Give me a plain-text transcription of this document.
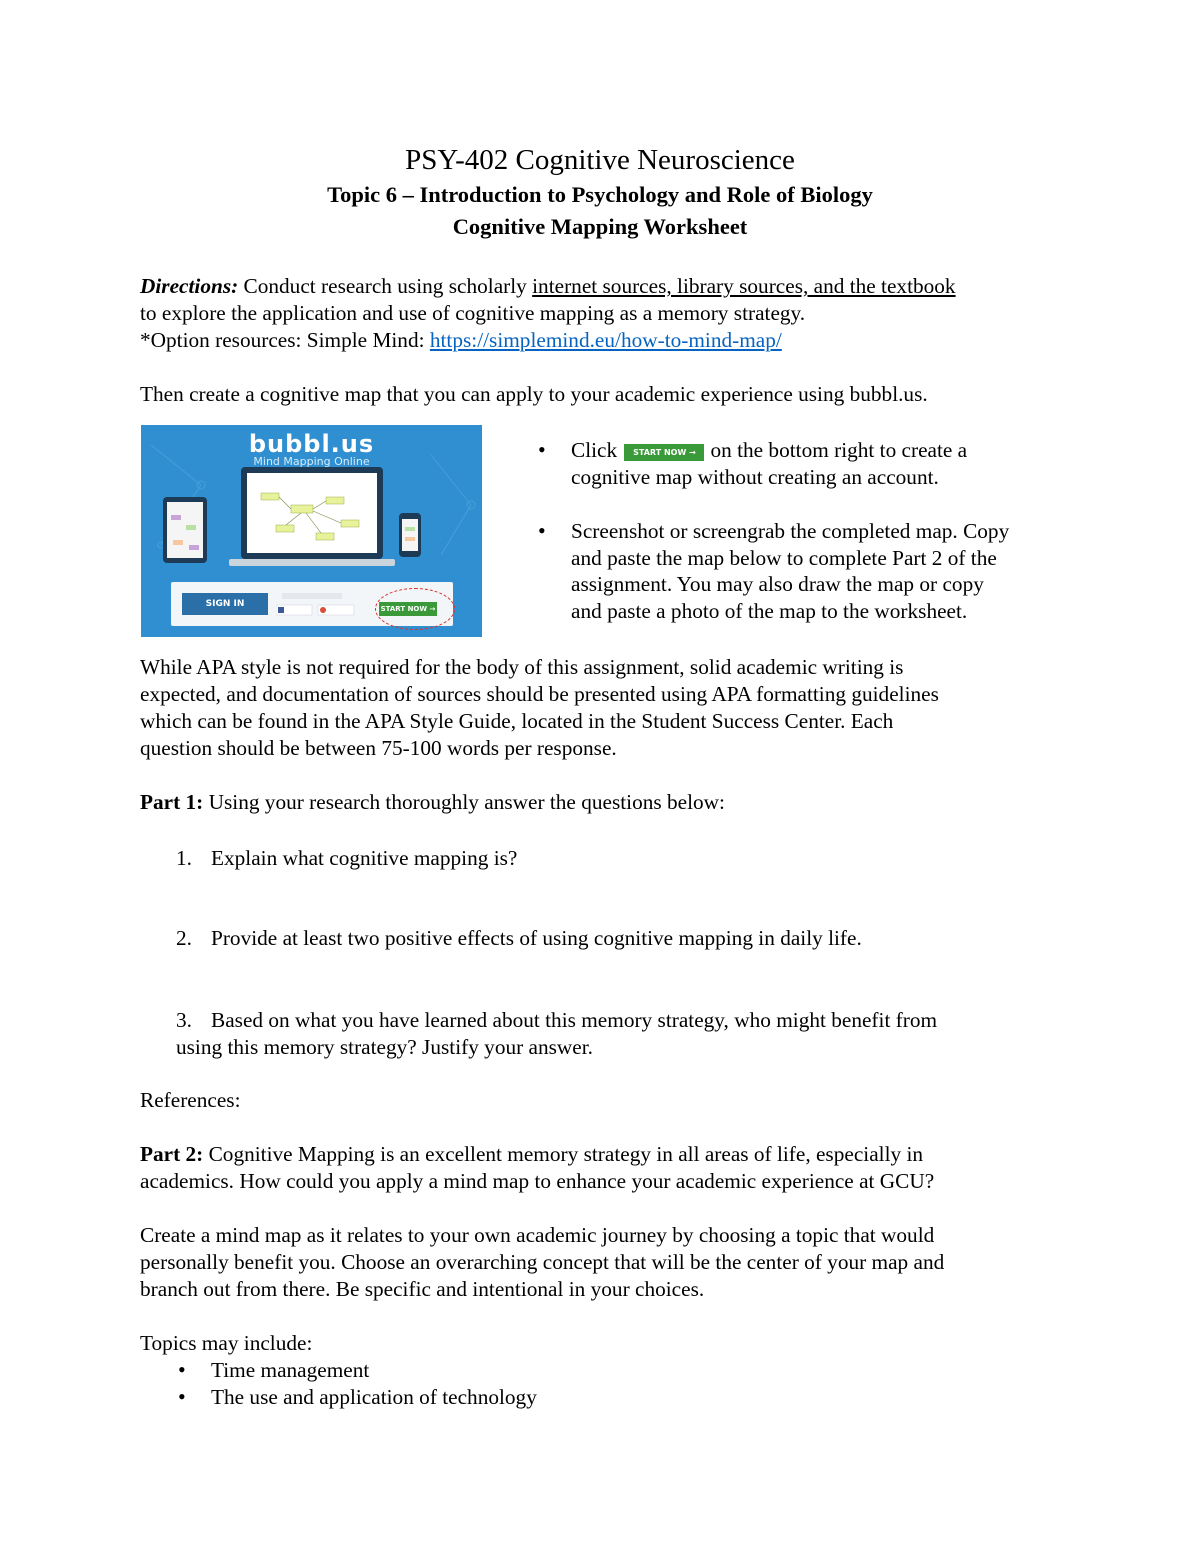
PSY-402 Cognitive Neuroscience
Topic 6 – Introduction to Psychology and Role of Biology
Cognitive Mapping Worksheet

Directions: Conduct research using scholarly internet sources, library sources, and the textbook

to explore the application and use of cognitive mapping as a memory strategy.

*Option resources: Simple Mind: https://simplemind.eu/how-to-mind-map/

Then create a cognitive map that you can apply to your academic experience using bubbl.us.

• Click START NOW → on the bottom right to create a
cognitive map without creating an account.
• Screenshot or screengrab the completed map. Copy
and paste the map below to complete Part 2 of the
assignment. You may also draw the map or copy
and paste a photo of the map to the worksheet.

While APA style is not required for the body of this assignment, solid academic writing is

expected, and documentation of sources should be presented using APA formatting guidelines

which can be found in the APA Style Guide, located in the Student Success Center. Each

question should be between 75-100 words per response.

Part 1: Using your research thoroughly answer the questions below:

1. Explain what cognitive mapping is?
2. Provide at least two positive effects of using cognitive mapping in daily life.
3. Based on what you have learned about this memory strategy, who might benefit from
using this memory strategy? Justify your answer.

References:

Part 2: Cognitive Mapping is an excellent memory strategy in all areas of life, especially in

academics. How could you apply a mind map to enhance your academic experience at GCU?

Create a mind map as it relates to your own academic journey by choosing a topic that would

personally benefit you. Choose an overarching concept that will be the center of your map and

branch out from there. Be specific and intentional in your choices.

Topics may include:

• Time management
• The use and application of technology
bubbl.us
Mind Mapping Online
SIGN IN	START NOW →
